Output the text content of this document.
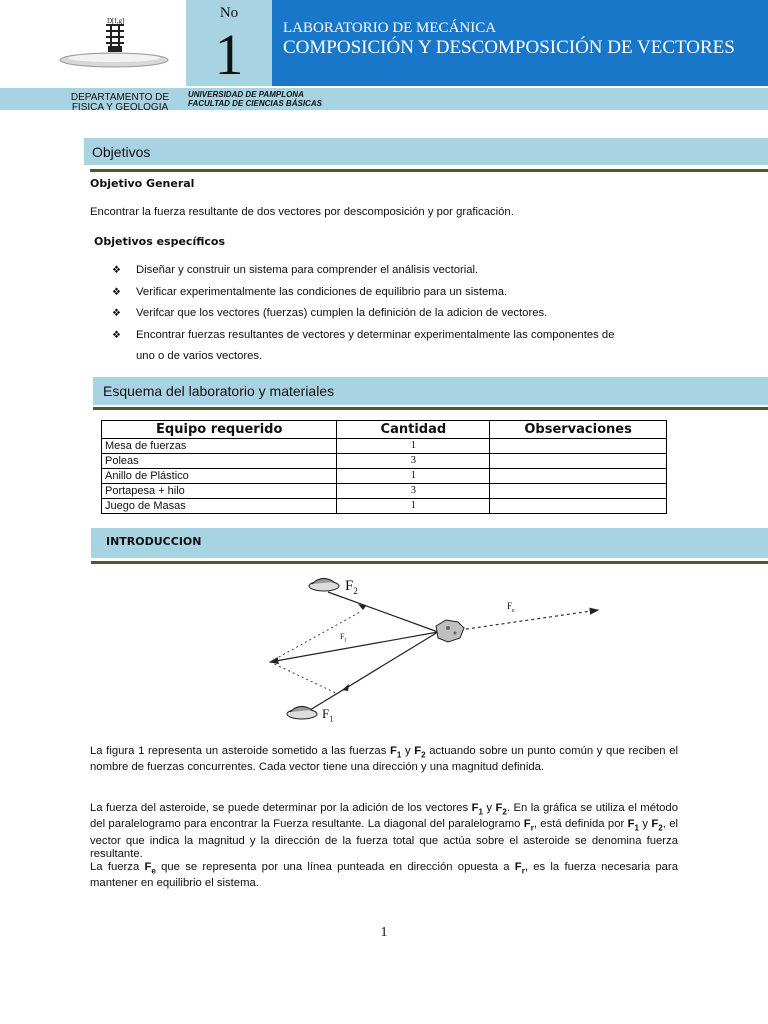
D[f,g]	No
1	LABORATORIO DE MECÁNICA
COMPOSICIÓN Y DESCOMPOSICIÓN DE VECTORES
DEPARTAMENTO DE
FISICA Y GEOLOGIA
UNIVERSIDAD DE PAMPLONA
FACULTAD DE CIENCIAS BÁSICAS
Objetivos
Objetivo General
Encontrar la fuerza resultante de dos vectores por descomposición y por graficación.
Objetivos específicos
❖ Diseñar y construir un sistema para comprender el análisis vectorial.
❖ Verificar experimentalmente las condiciones de equilibrio para un sistema.
❖ Verifcar que los vectores (fuerzas) cumplen la definición de la adicion de vectores.
❖ Encontrar fuerzas resultantes de vectores y determinar experimentalmente las componentes de
uno o de varios vectores.
Esquema del laboratorio y materiales
Equipo requerido	Cantidad	Observaciones
Mesa de fuerzas	1	
Poleas	3	
Anillo de Plástico	1	
Portapesa + hilo	3	
Juego de Masas	1	
INTRODUCCION
$F_2$
$F_1$
$F_r$
$F_e$
La figura 1 representa un asteroide sometido a las fuerzas $F_1$ y $F_2$ actuando sobre un punto común y que reciben el nombre de fuerzas concurrentes. Cada vector tiene una dirección y una magnitud definida.
La fuerza del asteroide, se puede determinar por la adición de los vectores $F_1$ y $F_2$. En la gráfica se utiliza el método del paralelogramo para encontrar la Fuerza resultante. La diagonal del paralelogramo $F_r$, está definida por $F_1$ y $F_2$, el vector que indica la magnitud y la dirección de la fuerza total que actúa sobre el asteroide se denomina fuerza resultante.
La fuerza $F_e$ que se representa por una línea punteada en dirección opuesta a $F_r$, es la fuerza necesaria para mantener en equilibrio el sistema.
1
